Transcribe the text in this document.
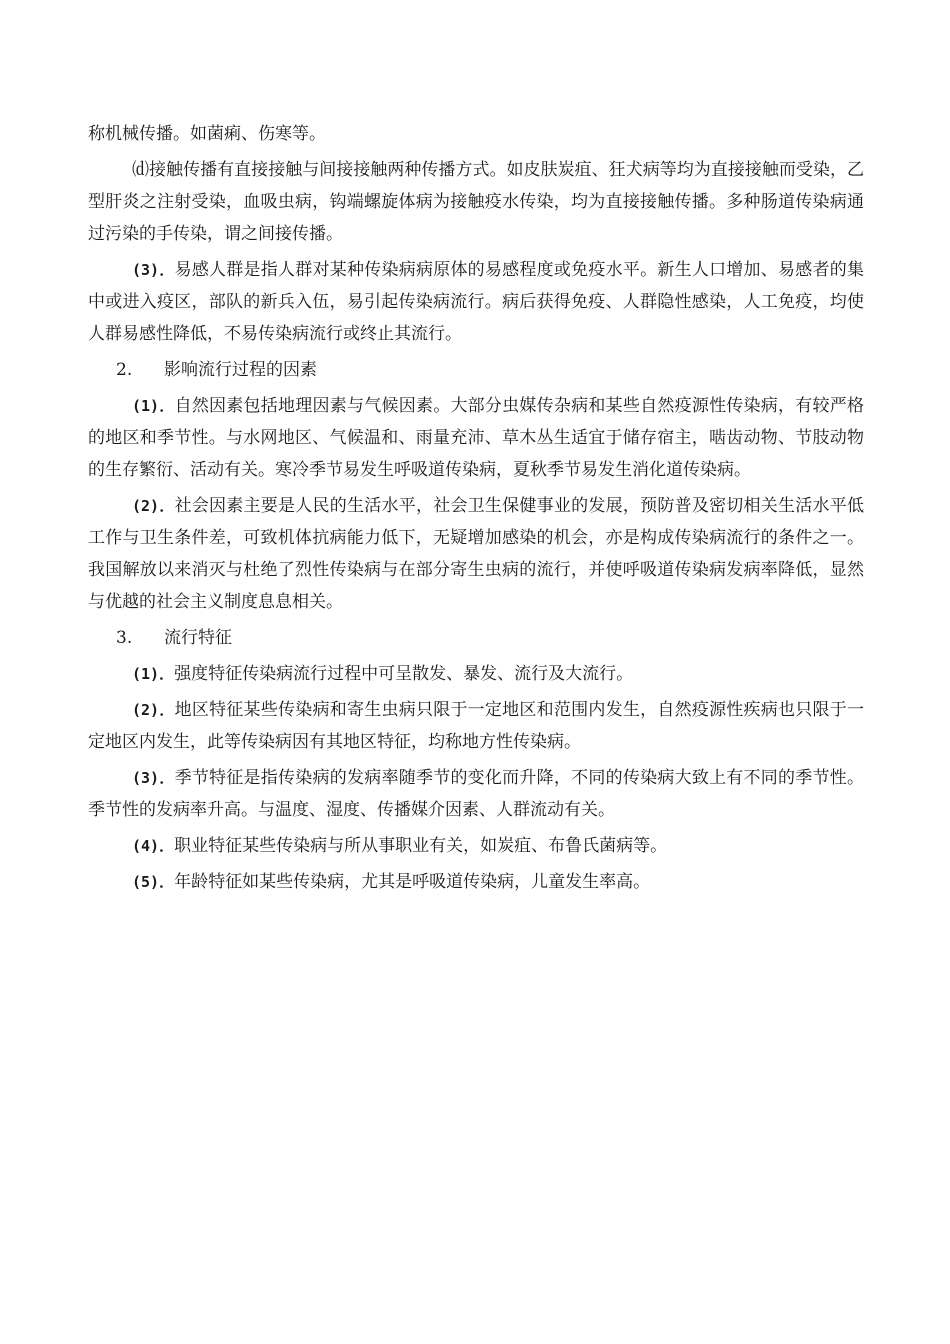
称机械传播。如菌痢、伤寒等。

⒟接触传播有直接接触与间接接触两种传播方式。如皮肤炭疽、狂犬病等均为直接接触而受染，乙型肝炎之注射受染，血吸虫病，钩端螺旋体病为接触疫水传染，均为直接接触传播。多种肠道传染病通过污染的手传染，谓之间接传播。

(3)．易感人群是指人群对某种传染病病原体的易感程度或免疫水平。新生人口增加、易感者的集中或进入疫区，部队的新兵入伍，易引起传染病流行。病后获得免疫、人群隐性感染，人工免疫，均使人群易感性降低，不易传染病流行或终止其流行。

2.	影响流行过程的因素

(1)．自然因素包括地理因素与气候因素。大部分虫媒传杂病和某些自然疫源性传染病，有较严格的地区和季节性。与水网地区、气候温和、雨量充沛、草木丛生适宜于储存宿主，啮齿动物、节肢动物的生存繁衍、活动有关。寒冷季节易发生呼吸道传染病，夏秋季节易发生消化道传染病。

(2)．社会因素主要是人民的生活水平，社会卫生保健事业的发展，预防普及密切相关生活水平低工作与卫生条件差，可致机体抗病能力低下，无疑增加感染的机会，亦是构成传染病流行的条件之一。我国解放以来消灭与杜绝了烈性传染病与在部分寄生虫病的流行，并使呼吸道传染病发病率降低，显然与优越的社会主义制度息息相关。

3.	流行特征

(1)．强度特征传染病流行过程中可呈散发、暴发、流行及大流行。

(2)．地区特征某些传染病和寄生虫病只限于一定地区和范围内发生，自然疫源性疾病也只限于一定地区内发生，此等传染病因有其地区特征，均称地方性传染病。

(3)．季节特征是指传染病的发病率随季节的变化而升降，不同的传染病大致上有不同的季节性。季节性的发病率升高。与温度、湿度、传播媒介因素、人群流动有关。

(4)．职业特征某些传染病与所从事职业有关，如炭疽、布鲁氏菌病等。

(5)．年龄特征如某些传染病，尤其是呼吸道传染病，儿童发生率高。
